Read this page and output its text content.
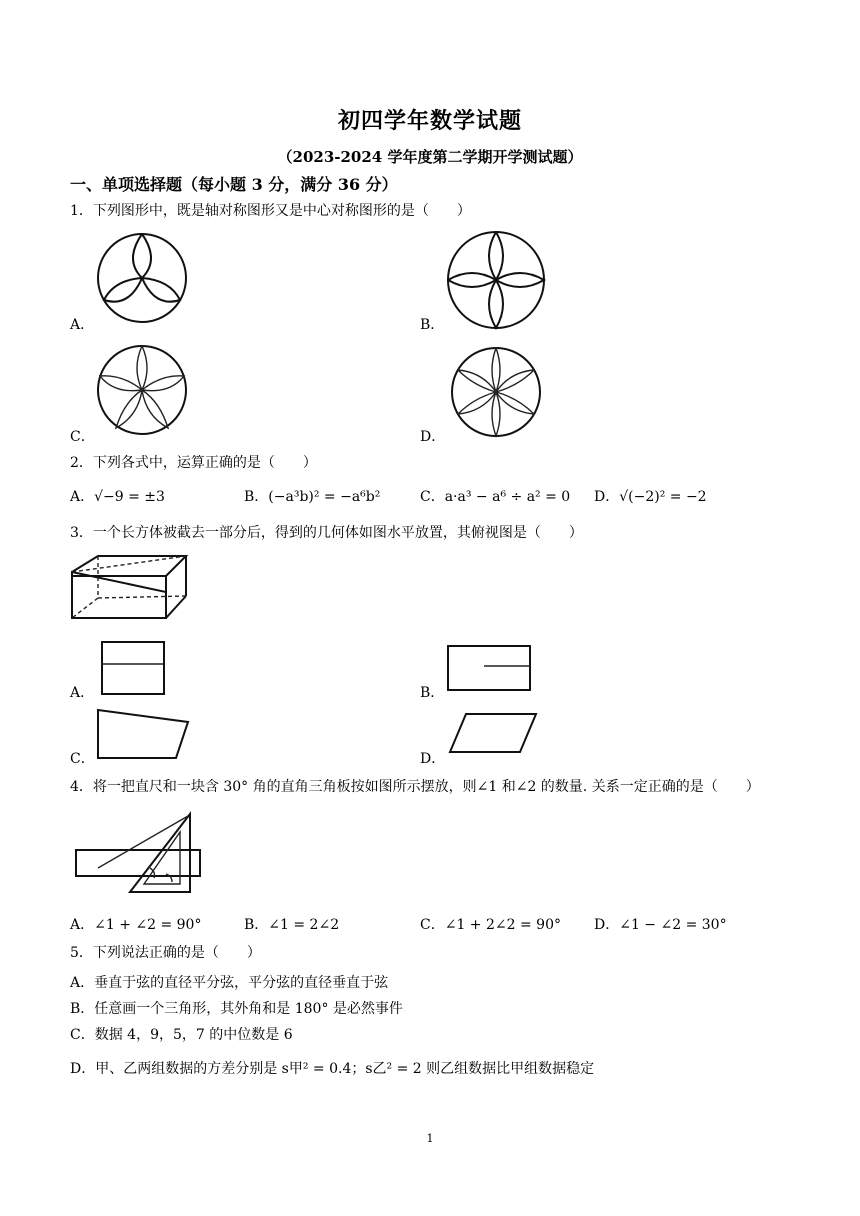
初四学年数学试题
（2023-2024 学年度第二学期开学测试题）
一、单项选择题（每小题 3 分，满分 36 分）
1．下列图形中，既是轴对称图形又是中心对称图形的是（　　）
A．	B．
C．	D．
2．下列各式中，运算正确的是（　　）
A．√−9 = ±3	B．(−a³b)² = −a⁶b²	C．a·a³ − a⁶ ÷ a² = 0 D．√(−2)² = −2
3．一个长方体被截去一部分后，得到的几何体如图水平放置，其俯视图是（　　）
A．	B．
C．	D．
4．将一把直尺和一块含 30° 角的直角三角板按如图所示摆放，则∠1 和∠2 的数量. 关系一定正确的是（　　）
A．∠1 + ∠2 = 90°	B．∠1 = 2∠2	C．∠1 + 2∠2 = 90° D．∠1 − ∠2 = 30°
5．下列说法正确的是（　　）
A．垂直于弦的直径平分弦，平分弦的直径垂直于弦
B．任意画一个三角形，其外角和是 180° 是必然事件
C．数据 4，9，5，7 的中位数是 6
D．甲、乙两组数据的方差分别是 s甲² = 0.4；s乙² = 2 则乙组数据比甲组数据稳定
1
